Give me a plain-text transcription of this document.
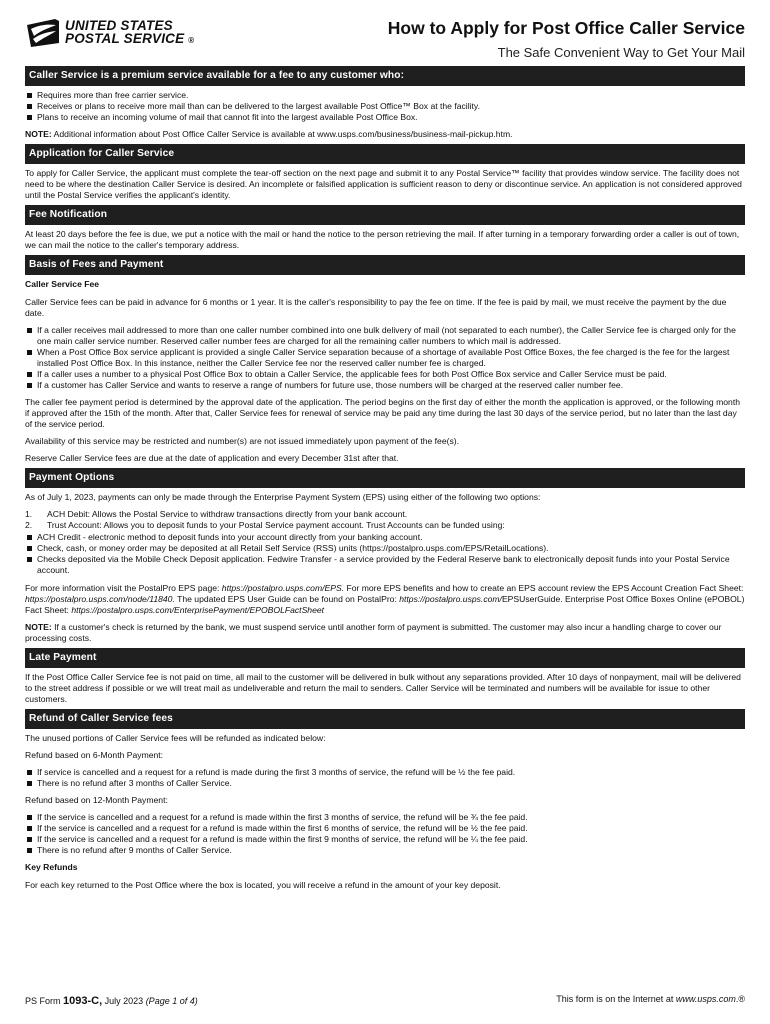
UNITED STATES
POSTAL SERVICE ®
How to Apply for Post Office Caller Service
The Safe Convenient Way to Get Your Mail
Caller Service is a premium service available for a fee to any customer who:
Requires more than free carrier service.
Receives or plans to receive more mail than can be delivered to the largest available Post Office™ Box at the facility.
Plans to receive an incoming volume of mail that cannot fit into the largest available Post Office Box.
NOTE: Additional information about Post Office Caller Service is available at www.usps.com/business/business-mail-pickup.htm.
Application for Caller Service
To apply for Caller Service, the applicant must complete the tear-off section on the next page and submit it to any Postal Service™ facility that provides window service. The facility does not need to be where the destination Caller Service is desired. An incomplete or falsified application is sufficient reason to deny or discontinue service. An application is not considered approved until the Postal Service verifies the applicant's identity.
Fee Notification
At least 20 days before the fee is due, we put a notice with the mail or hand the notice to the person retrieving the mail. If after turning in a temporary forwarding order a caller is out of town, we can mail the notice to the caller's temporary address.
Basis of Fees and Payment
Caller Service Fee
Caller Service fees can be paid in advance for 6 months or 1 year. It is the caller's responsibility to pay the fee on time. If the fee is paid by mail, we must receive the payment by the due date.
If a caller receives mail addressed to more than one caller number combined into one bulk delivery of mail (not separated to each number), the Caller Service fee is charged only for the one main caller service number. Reserved caller number fees are charged for all the remaining caller numbers to which mail is addressed.
When a Post Office Box service applicant is provided a single Caller Service separation because of a shortage of available Post Office Boxes, the fee charged is the fee for the largest installed Post Office Box. In this instance, neither the Caller Service fee nor the reserved caller number fee is charged.
If a caller uses a number to a physical Post Office Box to obtain a Caller Service, the applicable fees for both Post Office Box service and Caller Service must be paid.
If a customer has Caller Service and wants to reserve a range of numbers for future use, those numbers will be charged at the reserved caller number fee.
The caller fee payment period is determined by the approval date of the application. The period begins on the first day of either the month the application is approved, or the following month if approved after the 15th of the month. After that, Caller Service fees for renewal of service may be paid any time during the last 30 days of the service period, but no later than the last day of the service period.
Availability of this service may be restricted and number(s) are not issued immediately upon payment of the fee(s).
Reserve Caller Service fees are due at the date of application and every December 31st after that.
Payment Options
As of July 1, 2023, payments can only be made through the Enterprise Payment System (EPS) using either of the following two options:
1.	ACH Debit: Allows the Postal Service to withdraw transactions directly from your bank account.
2.	Trust Account: Allows you to deposit funds to your Postal Service payment account. Trust Accounts can be funded using:
ACH Credit - electronic method to deposit funds into your account directly from your banking account.
Check, cash, or money order may be deposited at all Retail Self Service (RSS) units (https://postalpro.usps.com/EPS/RetailLocations).
Checks deposited via the Mobile Check Deposit application. Fedwire Transfer - a service provided by the Federal Reserve bank to electronically deposit funds into your Postal Service account.
For more information visit the PostalPro EPS page: https://postalpro.usps.com/EPS. For more EPS benefits and how to create an EPS account review the EPS Account Creation Fact Sheet: https://postalpro.usps.com/node/11840. The updated EPS User Guide can be found on PostalPro: https://postalpro.usps.com/EPSUserGuide. Enterprise Post Office Boxes Online (ePOBOL) Fact Sheet: https://postalpro.usps.com/EnterprisePayment/EPOBOLFactSheet
NOTE: If a customer's check is returned by the bank, we must suspend service until another form of payment is submitted. The customer may also incur a handling charge to cover our processing costs.
Late Payment
If the Post Office Caller Service fee is not paid on time, all mail to the customer will be delivered in bulk without any separations provided. After 10 days of nonpayment, mail will be delivered to the street address if possible or we will treat mail as undeliverable and return the mail to senders. Caller Service will be terminated and numbers will be available for issue to other customers.
Refund of Caller Service fees
The unused portions of Caller Service fees will be refunded as indicated below:
Refund based on 6-Month Payment:
If service is cancelled and a request for a refund is made during the first 3 months of service, the refund will be ½ the fee paid.
There is no refund after 3 months of Caller Service.
Refund based on 12-Month Payment:
If the service is cancelled and a request for a refund is made within the first 3 months of service, the refund will be ¾ the fee paid.
If the service is cancelled and a request for a refund is made within the first 6 months of service, the refund will be ½ the fee paid.
If the service is cancelled and a request for a refund is made within the first 9 months of service, the refund will be ¼ the fee paid.
There is no refund after 9 months of Caller Service.
Key Refunds
For each key returned to the Post Office where the box is located, you will receive a refund in the amount of your key deposit.
PS Form 1093-C, July 2023 (Page 1 of 4)	This form is on the Internet at www.usps.com.®
